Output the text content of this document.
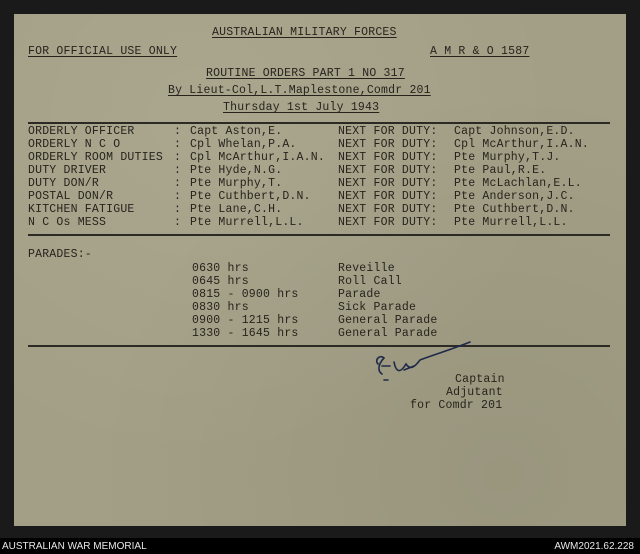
AUSTRALIAN MILITARY FORCES
FOR OFFICIAL USE ONLY	A M R & O 1587
ROUTINE ORDERS PART 1 NO 317
By Lieut-Col,L.T.Maplestone,Comdr 201
Thursday 1st July 1943
ORDERLY OFFICER	: Capt Aston,E.	NEXT FOR DUTY: Capt Johnson,E.D.
ORDERLY N C O	: Cpl Whelan,P.A.	NEXT FOR DUTY: Cpl McArthur,I.A.N.
ORDERLY ROOM DUTIES : Cpl McArthur,I.A.N. NEXT FOR DUTY: Pte Murphy,T.J.
DUTY DRIVER	: Pte Hyde,N.G.	NEXT FOR DUTY: Pte Paul,R.E.
DUTY DON/R	: Pte Murphy,T.	NEXT FOR DUTY: Pte McLachlan,E.L.
POSTAL DON/R	: Pte Cuthbert,D.N. NEXT FOR DUTY: Pte Anderson,J.C.
KITCHEN FATIGUE	: Pte Lane,C.H.	NEXT FOR DUTY: Pte Cuthbert,D.N.
N C Os MESS	: Pte Murrell,L.L.	NEXT FOR DUTY: Pte Murrell,L.L.
PARADES:-
0630 hrs	Reveille
0645 hrs	Roll Call
0815 - 0900 hrs	Parade
0830 hrs	Sick Parade
0900 - 1215 hrs	General Parade
1330 - 1645 hrs	General Parade
Captain
Adjutant
for Comdr 201
AUSTRALIAN WAR MEMORIAL	AWM2021.62.228
